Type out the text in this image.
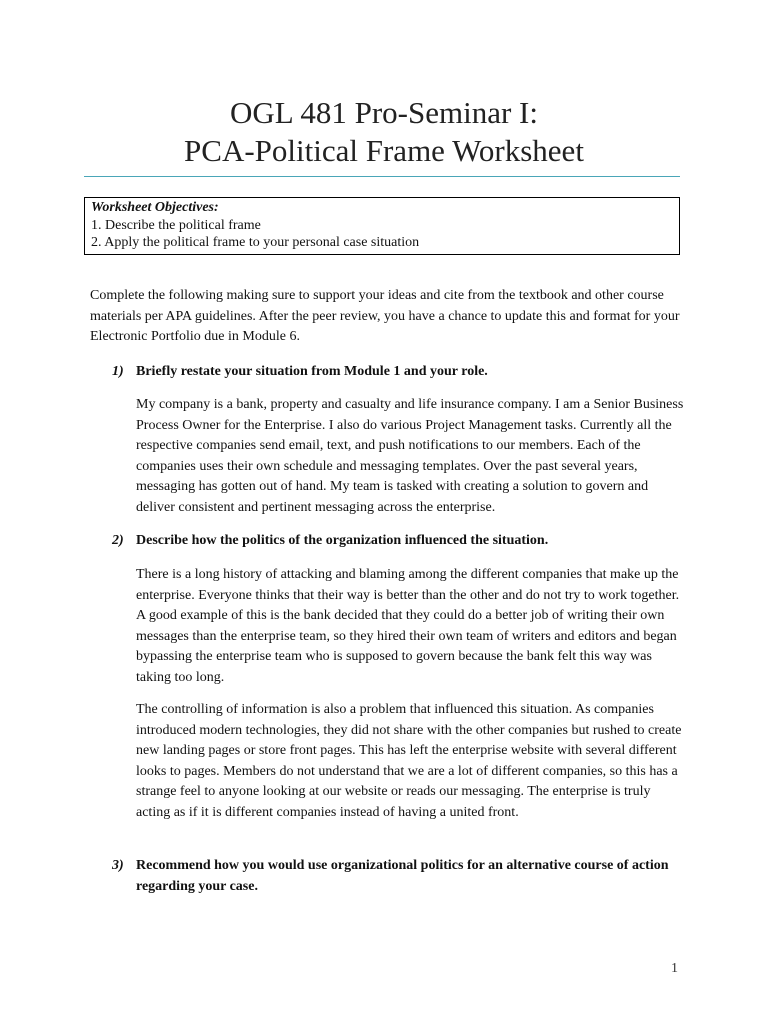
OGL 481 Pro-Seminar I:
PCA-Political Frame Worksheet
Worksheet Objectives:
1. Describe the political frame
2. Apply the political frame to your personal case situation

Complete the following making sure to support your ideas and cite from the textbook and other course materials per APA guidelines. After the peer review, you have a chance to update this and format for your Electronic Portfolio due in Module 6.

1) Briefly restate your situation from Module 1 and your role.

My company is a bank, property and casualty and life insurance company. I am a Senior Business Process Owner for the Enterprise. I also do various Project Management tasks. Currently all the respective companies send email, text, and push notifications to our members. Each of the companies uses their own schedule and messaging templates. Over the past several years, messaging has gotten out of hand. My team is tasked with creating a solution to govern and deliver consistent and pertinent messaging across the enterprise.

2) Describe how the politics of the organization influenced the situation.

There is a long history of attacking and blaming among the different companies that make up the enterprise. Everyone thinks that their way is better than the other and do not try to work together. A good example of this is the bank decided that they could do a better job of writing their own messages than the enterprise team, so they hired their own team of writers and editors and began bypassing the enterprise team who is supposed to govern because the bank felt this way was taking too long.

The controlling of information is also a problem that influenced this situation. As companies introduced modern technologies, they did not share with the other companies but rushed to create new landing pages or store front pages. This has left the enterprise website with several different looks to pages. Members do not understand that we are a lot of different companies, so this has a strange feel to anyone looking at our website or reads our messaging. The enterprise is truly acting as if it is different companies instead of having a united front.

3) Recommend how you would use organizational politics for an alternative course of action regarding your case.
1
